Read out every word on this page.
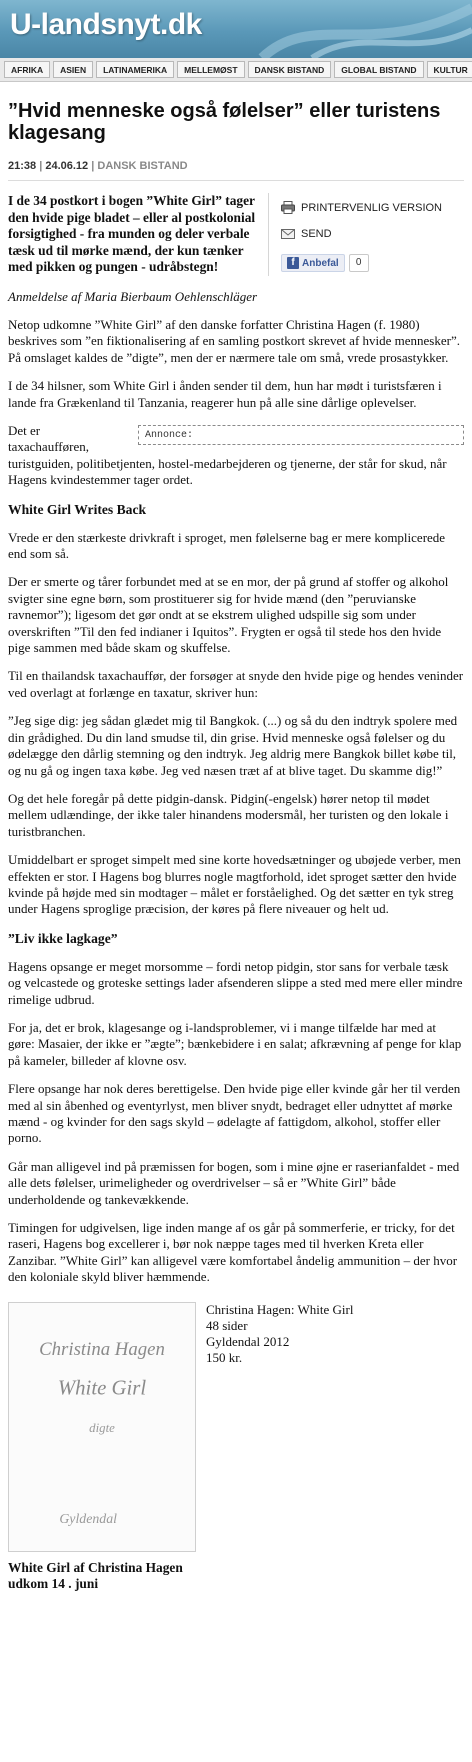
U-landsnyt.dk
AFRIKA	ASIEN	LATINAMERIKA	MELLEMØST	DANSK BISTAND	GLOBAL BISTAND	KULTUR
”Hvid menneske også følelser” eller turistens klagesang
21:38 | 24.06.12 | DANSK BISTAND
I de 34 postkort i bogen ”White Girl” tager den hvide pige bladet – eller al postkolonial forsigtighed - fra munden og deler verbale tæsk ud til mørke mænd, der kun tænker med pikken og pungen - udråbstegn!
PRINTERVENLIG VERSION
SEND
f Anbefal	0
Anmeldelse af Maria Bierbaum Oehlenschläger

Netop udkomne ”White Girl” af den danske forfatter Christina Hagen (f. 1980) beskrives som ”en fiktionalisering af en samling postkort skrevet af hvide mennesker”. På omslaget kaldes de ”digte”, men der er nærmere tale om små, vrede prosastykker.

I de 34 hilsner, som White Girl i ånden sender til dem, hun har mødt i turistsfæren i lande fra Grækenland til Tanzania, reagerer hun på alle sine dårlige oplevelser.

Annonce:
Det er taxachaufføren, turistguiden, politibetjenten, hostel-medarbejderen og tjenerne, der står for skud, når Hagens kvindestemmer tager ordet.
White Girl Writes Back

Vrede er den stærkeste drivkraft i sproget, men følelserne bag er mere komplicerede end som så.

Der er smerte og tårer forbundet med at se en mor, der på grund af stoffer og alkohol svigter sine egne børn, som prostituerer sig for hvide mænd (den ”peruvianske ravnemor”); ligesom det gør ondt at se ekstrem ulighed udspille sig som under overskriften ”Til den fed indianer i Iquitos”. Frygten er også til stede hos den hvide pige sammen med både skam og skuffelse.

Til en thailandsk taxachauffør, der forsøger at snyde den hvide pige og hendes veninder ved overlagt at forlænge en taxatur, skriver hun:

”Jeg sige dig: jeg sådan glædet mig til Bangkok. (...) og så du den indtryk spolere med din grådighed. Du din land smudse til, din grise. Hvid menneske også følelser og du ødelægge den dårlig stemning og den indtryk. Jeg aldrig mere Bangkok billet købe til, og nu gå og ingen taxa købe. Jeg ved næsen træt af at blive taget. Du skamme dig!”

Og det hele foregår på dette pidgin-dansk. Pidgin(-engelsk) hører netop til mødet mellem udlændinge, der ikke taler hinandens modersmål, her turisten og den lokale i turistbranchen.

Umiddelbart er sproget simpelt med sine korte hovedsætninger og ubøjede verber, men effekten er stor. I Hagens bog blurres nogle magtforhold, idet sproget sætter den hvide kvinde på højde med sin modtager – målet er forståelighed. Og det sætter en tyk streg under Hagens sproglige præcision, der køres på flere niveauer og helt ud.

”Liv ikke lagkage”

Hagens opsange er meget morsomme – fordi netop pidgin, stor sans for verbale tæsk og velcastede og groteske settings lader afsenderen slippe a sted med mere eller mindre rimelige udbrud.

For ja, det er brok, klagesange og i-landsproblemer, vi i mange tilfælde har med at gøre: Masaier, der ikke er ”ægte”; bænkebidere i en salat; afkrævning af penge for klap på kameler, billeder af klovne osv.

Flere opsange har nok deres berettigelse. Den hvide pige eller kvinde går her til verden med al sin åbenhed og eventyrlyst, men bliver snydt, bedraget eller udnyttet af mørke mænd - og kvinder for den sags skyld – ødelagte af fattigdom, alkohol, stoffer eller porno.

Går man alligevel ind på præmissen for bogen, som i mine øjne er raserianfaldet - med alle dets følelser, urimeligheder og overdrivelser – så er ”White Girl” både underholdende og tankevækkende.

Timingen for udgivelsen, lige inden mange af os går på sommerferie, er tricky, for det raseri, Hagens bog excellerer i, bør nok næppe tages med til hverken Kreta eller Zanzibar. ”White Girl” kan alligevel være komfortabel åndelig ammunition – der hvor den koloniale skyld bliver hæmmende.

Christina Hagen
White Girl
digte
Gyldendal
Christina Hagen: White Girl
48 sider
Gyldendal 2012
150 kr.
White Girl af Christina Hagen udkom 14 . juni
